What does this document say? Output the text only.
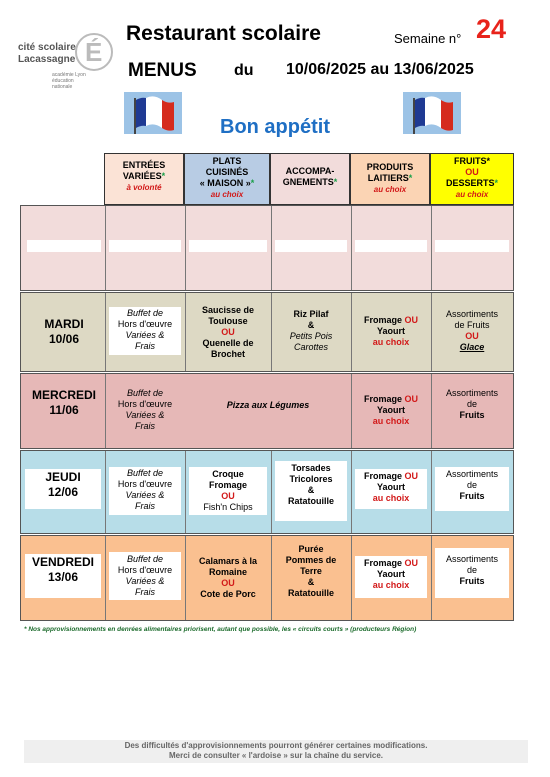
É
cité scolaire
Lacassagne
académie Lyon éducation nationale
Restaurant scolaire	Semaine n° 24
MENUS du 10/06/2025 au 13/06/2025
Bon appétit
ENTRÉES
VARIÉES*
à volonté
PLATS
CUISINÉS
« MAISON »*
au choix
ACCOMPA-
GNEMENTS*
PRODUITS
LAITIERS*
au choix
FRUITS*
OU
DESSERTS*
au choix
MARDI
10/06
Buffet de
Hors d'œuvre
Variées &
Frais
Saucisse de
Toulouse
OU
Quenelle de
Brochet
Riz Pilaf
&
Petits Pois
Carottes
Fromage OU
Yaourt
au choix
Assortiments
de Fruits
OU
Glace
MERCREDI
11/06
Buffet de
Hors d'œuvre
Variées &
Frais
Pizza aux Légumes
Fromage OU
Yaourt
au choix
Assortiments
de
Fruits
JEUDI
12/06
Buffet de
Hors d'œuvre
Variées &
Frais
Croque
Fromage
OU
Fish'n Chips
Torsades
Tricolores
&
Ratatouille
Fromage OU
Yaourt
au choix
Assortiments
de
Fruits
VENDREDI
13/06
Buffet de
Hors d'œuvre
Variées &
Frais
Calamars à la
Romaine
OU
Cote de Porc
Purée
Pommes de
Terre
&
Ratatouille
Fromage OU
Yaourt
au choix
Assortiments
de
Fruits
* Nos approvisionnements en denrées alimentaires priorisent, autant que possible, les « circuits courts » (producteurs Région)
Des difficultés d'approvisionnements pourront générer certaines modifications.
Merci de consulter « l'ardoise » sur la chaîne du service.
